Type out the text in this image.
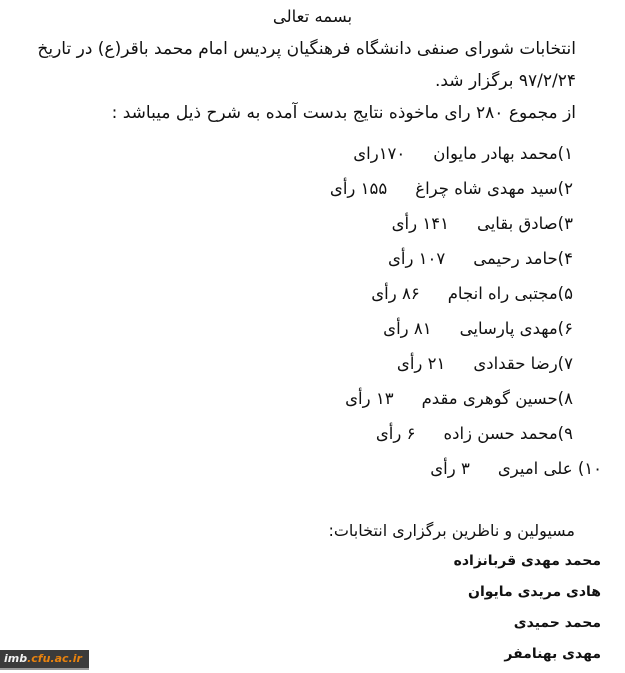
بسمه تعالی
انتخابات شورای صنفی دانشگاه فرهنگیان پردیس امام محمد باقر(ع) در تاریخ
۹۷/۲/۲۴ برگزار شد.
از مجموع ۲۸۰ رای ماخوذه نتایج بدست آمده به شرح ذیل میباشد :
۱)محمد بهادر مایوان
۱۷۰رای
۲)سید مهدی شاه چراغ
۱۵۵ رأی
۳)صادق بقایی
۱۴۱ رأی
۴)حامد رحیمی
۱۰۷ رأی
۵)مجتبی راه انجام
۸۶ رأی
۶)مهدی پارسایی
۸۱ رأی
۷)رضا حقدادی
۲۱ رأی
۸)حسین گوهری مقدم
۱۳ رأی
۹)محمد حسن زاده
۶ رأی
۱۰) علی امیری
۳ رأی
مسیولین و ناظرین برگزاری انتخابات:
محمد مهدی قربانزاده
هادی مریدی مایوان
محمد حمیدی
مهدی بهنامفر
imb.cfu.ac.ir
